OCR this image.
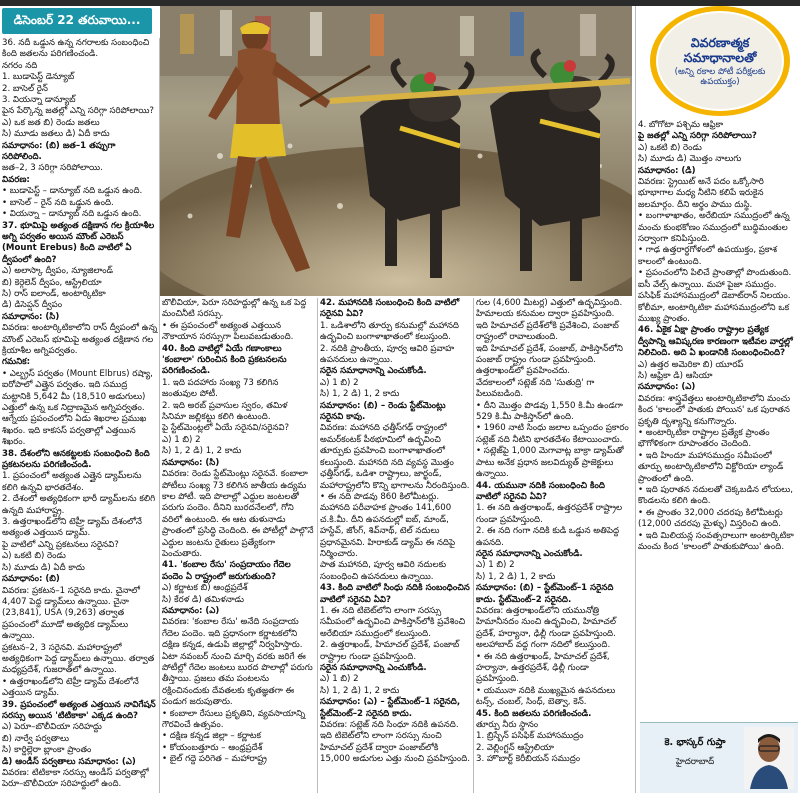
డిసెంబర్ 22 తరువాయి...
వివరణాత్మక సమాధానాలతో
(అన్ని రకాల పోటీ పరీక్షలకు ఉపయుక్తం)

36. నదీ ఒడ్డున ఉన్న నగరాలకు సంబంధించి కింది జతలను పరిగణించండి.

నగరం నది

1. బుడాపెస్ట్ డెన్యూబ్

2. బాసెల్ రైన్

3. వియన్నా డాన్యూబ్

పైన పేర్కొన్న జతల్లో ఎన్ని సరిగ్గా సరిపోలాయి?

ఎ) ఒక జత బి) రెండు జతలు

సి) మూడు జతలు డి) ఏదీ కాదు

సమాధానం: (బి) జత–1 తప్పుగా సరిపోలింది.

జత–2, 3 సరిగ్గా సరిపోలాయి.

వివరణ:

• బుడాపెస్ట్ – డాన్యూబ్ నది ఒడ్డున ఉంది.

• బాసెల్ – రైన్ నది ఒడ్డున ఉంది.

• వియన్నా – డాన్యూబ్ నది ఒడ్డున ఉంది.

37. భూమిపై అత్యంత దక్షిణాన గల క్రియాశీల అగ్ని పర్వతం అయిన మౌంట్ ఎరెబస్ (Mount Erebus) కింది వాటిలో ఏ ద్వీపంలో ఉంది?

ఎ) అలాస్కా ద్వీపం, న్యూజిలాండ్

బి) కెర్గెలెన్ ద్వీపం, ఆస్ట్రేలియా

సి) రాస్ ఐలాండ్, అంటార్కిటికా

డి) డిసెప్షన్ ద్వీపం

సమాధానం: (సి)

వివరణ: అంటార్కిటికాలోని రాస్ ద్వీపంలో ఉన్న మౌంట్ ఎరెబస్ భూమిపై అత్యంత దక్షిణాన గల క్రియాశీల అగ్నిపర్వతం.

గమనిక:

• ఎల్బ్రస్ పర్వతం (Mount Elbrus) రష్యా, ఐరోపాలో ఎత్తైన పర్వతం. ఇది సముద్ర మట్టానికి 5,642 మీ (18,510 అడుగులు) ఎత్తులో ఉన్న ఒక నిద్రాణమైన అగ్నిపర్వతం. ఆగ్నేయ ప్రపంచంలోని ఏడు శిఖరాల ప్రముఖ శిఖరం. ఇది కాకసస్ పర్వతాల్లో ఎత్తయిన శిఖరం.

38. దేశంలోని ఆనకట్టలకు సంబంధించి కింది ప్రకటనలను పరిగణించండి.

1. ప్రపంచంలో అత్యంత ఎత్తైన డ్యామ్‌లను కలిగి ఉన్నవి భారతదేశం.

2. దేశంలో అత్యధికంగా భారీ డ్యామ్‌లను కలిగి ఉన్నది మహారాష్ట్ర.

3. ఉత్తరాఖండ్‌లోని టెహ్రీ డ్యామ్ దేశంలోనే అత్యంత ఎత్తయిన డ్యామ్.

పై వాటిలో ఎన్ని ప్రకటనలు సరైనవి?

ఎ) ఒకటి బి) రెండు

సి) మూడు డి) ఏదీ కాదు

సమాధానం: (బి)

వివరణ: ప్రకటన–1 సరైనది కాదు. చైనాలో 4,407 పెద్ద డ్యామ్‌లు ఉన్నాయి. చైనా (23,841), USA (9,263) తర్వాత ప్రపంచంలో మూడో అత్యధిక డ్యామ్‌లు ఉన్నాయి.

ప్రకటన–2, 3 సరైనవి. మహారాష్ట్రలో అత్యధికంగా పెద్ద డ్యామ్‌లు ఉన్నాయి. తర్వాత మధ్యప్రదేశ్, గుజరాత్‌లో ఉన్నాయి.

• ఉత్తరాఖండ్‌లోని టెహ్రీ డ్యామ్ దేశంలోనే ఎత్తయిన డ్యామ్.

39. ప్రపంచంలో అత్యంత ఎత్తయిన నావిగేషన్ సరస్సు అయిన 'టిటికాకా' ఎక్కడ ఉంది?

ఎ) పెరూ–బొలీవియా సరిహద్దు

బి) నార్వే పర్వతాలు

సి) కార్డిల్లెరా బ్లాంకా ప్రాంతం

డి) ఆండీస్ పర్వతాలు సమాధానం: (ఎ)

వివరణ: టిటికాకా సరస్సు ఆండీస్ పర్వతాల్లో పెరూ–బొలీవియా సరిహద్దులో ఉంది.

బొలీవియా, పెరూ సరిహద్దుల్లో ఉన్న ఒక పెద్ద మంచినీటి సరస్సు.

• ఈ ప్రపంచంలో అత్యంత ఎత్తయిన నౌకాయాన సరస్సుగా పిలువబడుతుంది.

40. కింది వాటిల్లో ఏయే గణాంకాలు 'కంబాలా' గురించిన కింది ప్రకటనలను పరిగణించండి.

1. ఇది పదహారు సంఖ్య 73 కలిగిన జంతువుల పోటీ.

2. ఇది అరబ్ ప్రవాసుల స్వరం, తమిళ సినిమా జల్లికట్టు కలిగి ఉంటుంది.

పై స్టేట్‌మెంట్లలో ఏయే సరైనవి/సరైనవి?

ఎ) 1 బి) 2

సి) 1, 2 డి) 1, 2 కాదు

సమాధానం: (సి)

వివరణ: రెండు స్టేట్‌మెంట్లు సరైనవే. కంబాలా పోటీలు సంఖ్య 73 కలిగిన జాతీయ ఉద్యమ కాల పోటీ. ఇది పొలాల్లో ఎద్దుల జంటలతో పరుగు పందెం. దీనిని బురదనేలలో, గోని వరిలో ఉంటుంది. ఈ ఆట తుళునాడు ప్రాంతంలో ప్రసిద్ధి చెందింది. ఈ పోటీల్లో పాల్గొనే ఎద్దుల జంటను రైతులు ప్రత్యేకంగా పెంచుతారు.

41. 'కంబాల రేసు' సంప్రదాయం గేదెల పందెం ఏ రాష్ట్రంలో జరుగుతుంది?

ఎ) కర్ణాటక బి) ఆంధ్రప్రదేశ్

సి) కేరళ డి) తమిళనాడు

సమాధానం: (ఎ)

వివరణ: 'కంబాల రేసు' అనేది సంప్రదాయ గేదెల పందెం. ఇది ప్రధానంగా కర్ణాటకలోని దక్షిణ కన్నడ, ఉడుపి జిల్లాల్లో నిర్వహిస్తారు. ఏటా నవంబర్ నుంచి మార్చి వరకు జరిగే ఈ పోటీల్లో గేదెల జంటలు బురద పొలాల్లో పరుగు తీస్తాయి. ప్రజలు తమ పంటలను రక్షించినందుకు దేవతలకు కృతజ్ఞతగా ఈ పండుగ జరుపుతారు.

• కంబాలా రేసులు ప్రకృతిని, వ్యవసాయాన్ని గౌరవించే ఉత్సవం.

• దక్షిణ కన్నడ జిల్లా – కర్ణాటక

• కోయంబత్తూరు – ఆంధ్రప్రదేశ్

• బైల్ గద్దె పరిగెత – మహారాష్ట్ర

42. మహానదికి సంబంధించి కింది వాటిలో సరైనవి ఏవి?

1. ఒడిశాలోని తూర్పు కనుమల్లో మహానది ఉద్భవించి బంగాళాఖాతంలో కలుస్తుంది.

2. నదికి ప్రాంతీయ, పూర్వ ఆవిరి ప్రవాహ ఉపనదులు ఉన్నాయి.

సరైన సమాధానాన్ని ఎంచుకోండి.

ఎ) 1 బి) 2

సి) 1, 2 డి) 1, 2 కాదు

సమాధానం: (బి) – రెండు స్టేట్‌మెంట్లు సరైనవి కావు.

వివరణ: మహానది ఛత్తీస్‌గఢ్ రాష్ట్రంలో అమర్‌కంటక్ పీఠభూమిలో ఉద్భవించి తూర్పుకు ప్రవహించి బంగాళాఖాతంలో కలుస్తుంది. మహానది నది వ్యవస్థ మొత్తం ఛత్తీస్‌గఢ్, ఒడిశా రాష్ట్రాలు, జార్ఖండ్, మహారాష్ట్రలోని కొన్ని భాగాలను నీరందిస్తుంది.

• ఈ నది పొడవు 860 కిలోమీటర్లు. మహానది పరీవాహక ప్రాంతం 141,600 చ.కి.మీ. దీని ఉపనదుల్లో ఐబ్, మాండ్, హస్దేవ్, జోంగ్, శివ్‌నాథ్, టెల్ నదులు ప్రధానమైనవి. హిరాకుడ్ డ్యామ్‌ ఈ నదిపై నిర్మించారు.

పాత మహానది, పూర్వ ఆవిరి నదులకు సంబంధించి ఉపనదులు ఉన్నాయి.

43. కింది వాటిలో సింధు నదికి సంబంధించిన వాటిలో సరైనవి ఏవి?

1. ఈ నది టిబెట్‌లోని లాంగా సరస్సు సమీపంలో ఉద్భవించి పాకిస్తాన్‌లోకి ప్రవేశించి అరేబియా సముద్రంలో కలుస్తుంది.

2. ఉత్తరాఖండ్, హిమాచల్ ప్రదేశ్, పంజాబ్ రాష్ట్రాల గుండా ప్రవహిస్తుంది.

సరైన సమాధానాన్ని ఎంచుకోండి.

ఎ) 1 బి) 2

సి) 1, 2 డి) 1, 2 కాదు

సమాధానం: (ఎ) – స్టేట్‌మెంట్–1 సరైనది, స్టేట్‌మెంట్–2 సరైనది కాదు.

వివరణ: సట్లెజ్ నది సింధూ నదికి ఉపనది. ఇది టిబెట్‌లోని లాంగా సరస్సు నుంచి హిమాచల్ ప్రదేశ్ ద్వారా పంజాబ్‌లోకి 15,000 అడుగుల ఎత్తు నుంచి ప్రవహిస్తుంది.

గుల (4,600 మీటర్ల) ఎత్తులో ఉద్భవిస్తుంది. హిమాలయ కనుమల ద్వారా ప్రవహిస్తుంది.

ఇది హిమాచల్ ప్రదేశ్‌లోకి ప్రవేశించి, పంజాబ్ రాష్ట్రంలో రావాలుతుంది.

ఇది హిమాచల్ ప్రదేశ్, పంజాబ్, పాకిస్తాన్‌లోని పంజాబ్ రాష్ట్రం గుండా ప్రవహిస్తుంది. ఉత్తరాఖండ్‌లో ప్రవహించదు.

వేదకాలంలో సట్లెజ్‌ నది 'సుతుద్రి' గా పిలువబడింది.

• దీని మొత్తం పొడవు 1,550 కి.మీ ఉండగా 529 కి.మీ పాకిస్తాన్‌లో ఉంది.

• 1960 నాటి సింధు జలాల ఒప్పందం ప్రకారం సట్లెజ్ నది నీటిని భారతదేశం కేటాయించారు.

• సట్లెజ్‌పై 1,000 మెగావాట్ల బాక్రా డ్యామ్‌తో పాటు అనేక ప్రధాన జలవిద్యుత్ ప్రాజెక్టులు ఉన్నాయి.

44. యమునా నదికి సంబంధించి కింది వాటిలో సరైనవి ఏవి?

1. ఈ నది ఉత్తరాఖండ్, ఉత్తరప్రదేశ్ రాష్ట్రాల గుండా ప్రవహిస్తుంది.

2. ఈ నది గంగా నదికి కుడి ఒడ్డున అతిపెద్ద ఉపనది.

సరైన సమాధానాన్ని ఎంచుకోండి.

ఎ) 1 బి) 2

సి) 1, 2 డి) 1, 2 కాదు

సమాధానం: (బి) – స్టేట్‌మెంట్–1 సరైనది కాదు. స్టేట్‌మెంట్–2 సరైనది.

వివరణ: ఉత్తరాఖండ్‌లోని యమునోత్రి హిమానీనదం నుంచి ఉద్భవించి, హిమాచల్ ప్రదేశ్, హర్యానా, ఢిల్లీ గుండా ప్రవహిస్తుంది. అలహాబాద్ వద్ద గంగా నదిలో కలుస్తుంది.

• ఈ నది ఉత్తరాఖండ్, హిమాచల్ ప్రదేశ్, హర్యానా, ఉత్తరప్రదేశ్, ఢిల్లీ గుండా ప్రవహిస్తుంది.

• యమునా నదికి ముఖ్యమైన ఉపనదులు టన్స్, చంబల్, సింధ్, బెత్వా, కెన్.

45. కింది జతలను పరిగణించండి.

తూర్పు నీరు స్థానం

1. బ్రిస్బేన్ పసిఫిక్ మహాసముద్రం

2. వెల్లింగ్టన్ ఆస్ట్రేలియా

3. హొబార్ట్ కెరీబియన్ సముద్రం

4. బోగోటా పశ్చిమ ఆఫ్రికా

పై జతల్లో ఎన్ని సరిగ్గా సరిపోలాయి?

ఎ) ఒకటి బి) రెండు

సి) మూడు డి) మొత్తం నాలుగు

సమాధానం: (డి)

వివరణ: స్ట్రెయిట్ అనే పదం ఒక్కోసారి భూభాగాల మధ్య నీటిని కలిపే ఇరుకైన జలమార్గం. దీని అర్థం పాము దుస్థి.

• బంగాళాఖాతం, అరేబియా సముద్రంలో ఉన్న మంచు కుంభకోణం సముద్రంలో బుద్ధిమంతుల సర్వాంగా కనిపిస్తుంది.

• గాఢ ఉత్తరార్ధగోళంలో ఉపయుక్తం, ప్రకాశ కాలంలో ఉంటుంది.

• ప్రపంచంలోని పిలిచే ప్రాంతాల్లో పొందుతుంది. ఐసీ వేల్స్ ఉన్నాయి. మహా పైజా సముద్రం. పసిఫిక్ మహాసముద్రంలో డెబాట్‌రాన్ నిలయం. కోలీమా, అంటార్కిటికా మహాసముద్రంలోని ఒక ముఖ్య ప్రాంతం.

46. ఏకైక ఏక్షా ప్రాంతం రాష్ట్రాల ప్రత్యేక ద్వీపాన్ని ఆవిష్కరణ కారణంగా ఇటీవల వార్తల్లో నిలిచింది. అది ఏ ఖండానికి సంబంధించింది?

ఎ) ఉత్తర అమెరికా బి) యూరప్

సి) ఆఫ్రికా డి) ఆసియా

సమాధానం: (ఎ)

వివరణ: శాస్త్రవేత్తలు అంటార్కిటికాలోని మంచు కింద 'కాలంలో పాతుకు పోయిన' ఒక పురాతన ప్రకృతి దృశ్యాన్ని కనుగొన్నారు.

• అంటార్కిటికా రాష్ట్రాల ప్రత్యేక ప్రాంతం భౌగోళికంగా రూపాంతరం చెందింది.

• ఇది హిందూ మహాసముద్రం సమీపంలో తూర్పు అంటార్కిటికాలోని విక్టోరియా ల్యాండ్ ప్రాంతంలో ఉంది.

• ఇది పురాతన నదులతో చెక్కబడిన లోయలు, కొండలను కలిగి ఉంది.

• ఈ ప్రాంతం 32,000 చదరపు కిలోమీటర్లు (12,000 చదరపు మైళ్ళు) విస్తరించి ఉంది.

• ఇది మిలియన్ల సంవత్సరాలుగా అంటార్కిటికా మంచు కింద 'కాలంలో పాతుకుపోయి' ఉంది.

కె. భాస్కర్ గుప్తా
హైదరాబాద్
